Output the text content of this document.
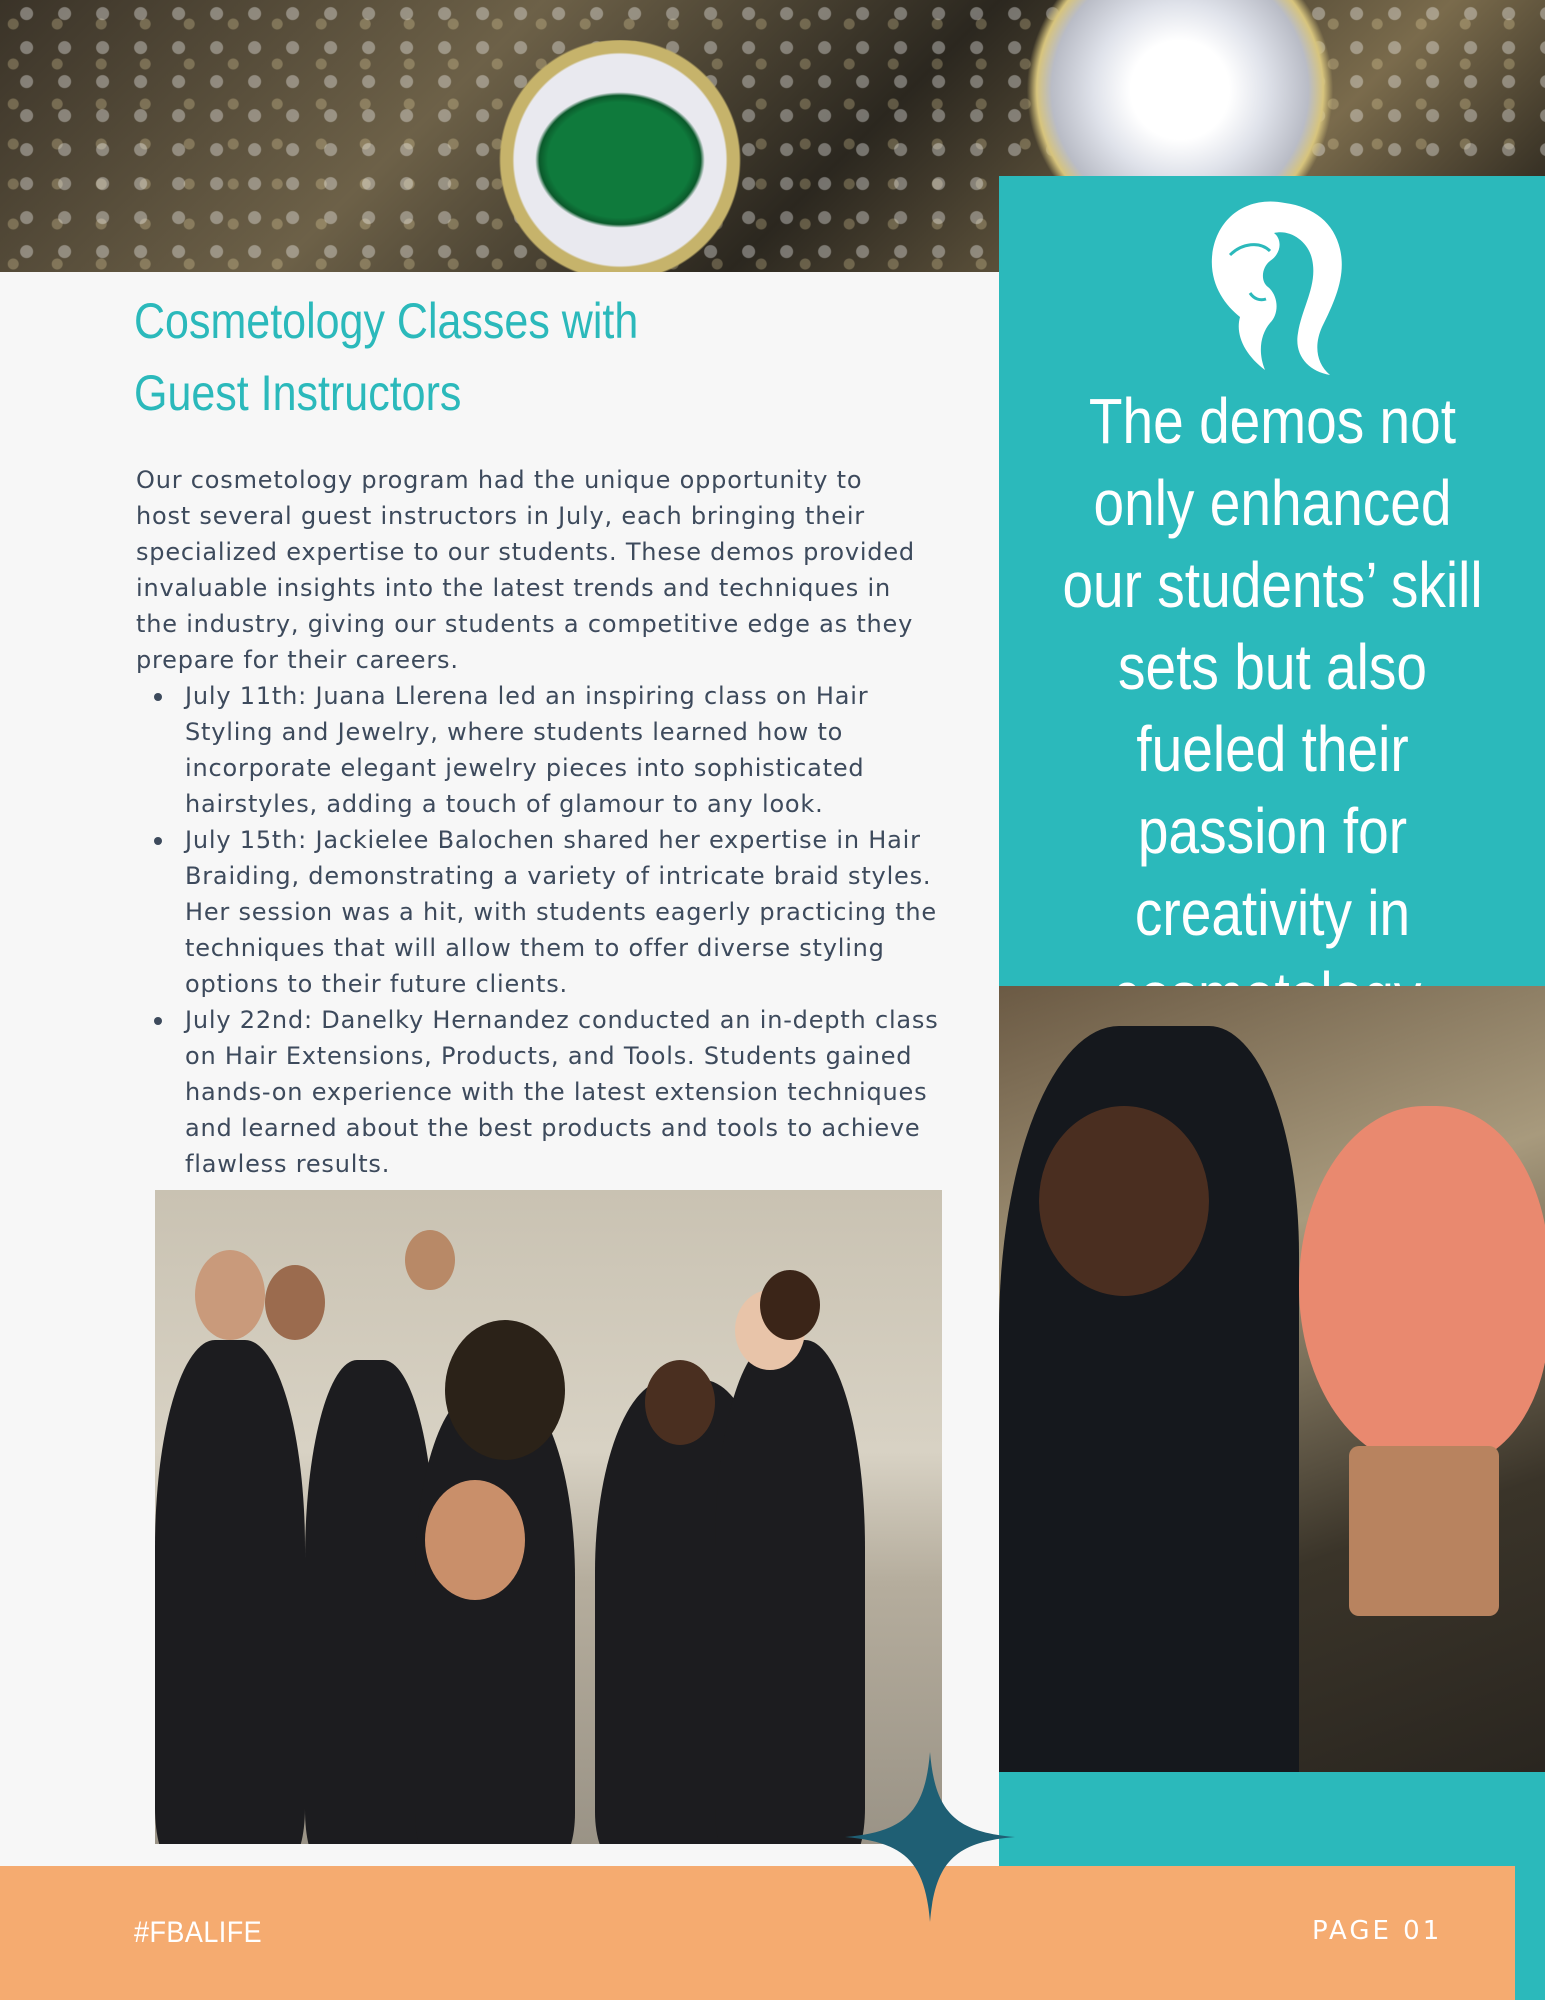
The demos not only enhanced our students’ skill sets but also fueled their passion for creativity in
Cosmetology Classes with Guest Instructors

Our cosmetology program had the unique opportunity to host several guest instructors in July, each bringing their specialized expertise to our students. These demos provided invaluable insights into the latest trends and techniques in the industry, giving our students a competitive edge as they prepare for their careers.

July 11th: Juana Llerena led an inspiring class on Hair Styling and Jewelry, where students learned how to incorporate elegant jewelry pieces into sophisticated hairstyles, adding a touch of glamour to any look.
July 15th: Jackielee Balochen shared her expertise in Hair Braiding, demonstrating a variety of intricate braid styles. Her session was a hit, with students eagerly practicing the techniques that will allow them to offer diverse styling options to their future clients.
July 22nd: Danelky Hernandez conducted an in-depth class on Hair Extensions, Products, and Tools. Students gained hands-on experience with the latest extension techniques and learned about the best products and tools to achieve flawless results.
#FBALIFE	PAGE 01
